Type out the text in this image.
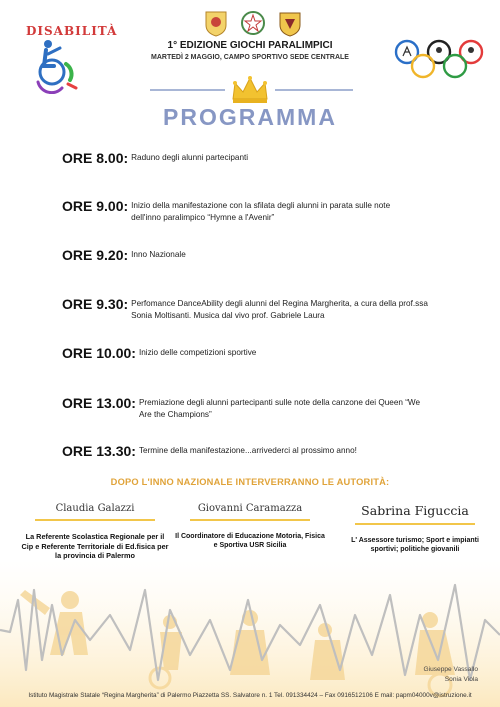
DISABILITÀ
1° EDIZIONE GIOCHI PARALIMPICI
MARTEDÌ 2 MAGGIO, CAMPO SPORTIVO SEDE CENTRALE
PROGRAMMA
ORE 8.00: Raduno degli alunni partecipanti
ORE 9.00: Inizio della manifestazione con la sfilata degli alunni in parata sulle note dell'inno paralimpico “Hymne a l'Avenir”
ORE 9.20: Inno Nazionale
ORE 9.30: Perfomance DanceAbility degli alunni del Regina Margherita, a cura della prof.ssa Sonia Moltisanti. Musica dal vivo prof. Gabriele Laura
ORE 10.00: Inizio delle competizioni sportive
ORE 13.00: Premiazione degli alunni partecipanti sulle note della canzone dei Queen “We Are the Champions”
ORE 13.30: Termine della manifestazione...arrivederci al prossimo anno!
DOPO L'INNO NAZIONALE INTERVERRANNO LE AUTORITÀ:
Claudia Galazzi
La Referente Scolastica Regionale per il Cip e Referente Territoriale di Ed.fisica per la provincia di Palermo
Giovanni Caramazza
Il Coordinatore di Educazione Motoria, Fisica e Sportiva USR Sicilia
Sabrina Figuccia
L' Assessore turismo; Sport e impianti sportivi; politiche giovanili
Giuseppe Vassallo
Sonia Viola
Istituto Magistrale Statale “Regina Margherita” di Palermo Piazzetta SS. Salvatore n. 1 Tel. 091334424 – Fax 0916512106 E mail: papm04000v@istruzione.it
